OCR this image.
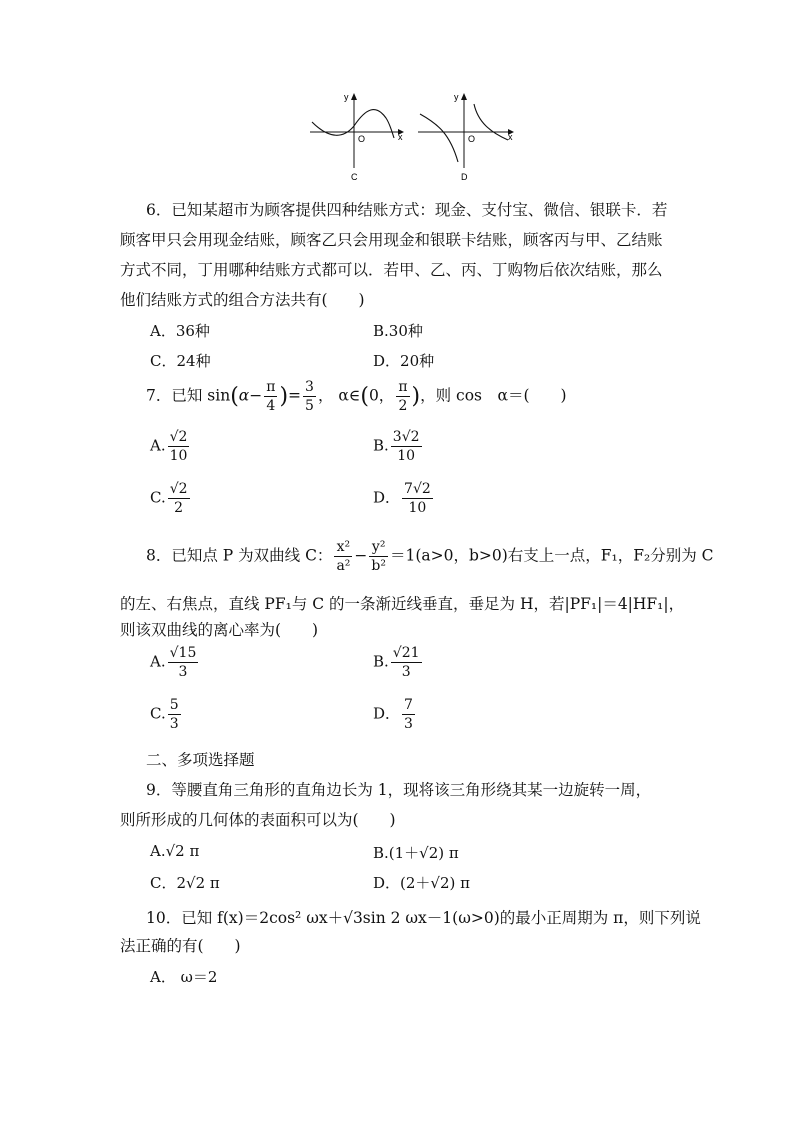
y
O	x
C
y
O	x
D
6．已知某超市为顾客提供四种结账方式：现金、支付宝、微信、银联卡．若
顾客甲只会用现金结账，顾客乙只会用现金和银联卡结账，顾客丙与甲、乙结账
方式不同，丁用哪种结账方式都可以．若甲、乙、丙、丁购物后依次结账，那么
他们结账方式的组合方法共有(　　)
A．36种	B.30种
C．24种	D．20种
7．已知 $\sin(\alpha- \frac{\pi}{4}$ )= $\frac{3}{5}$ ， α∈(0， $\frac{\pi}{2}$ )，则 cos　α＝(　　)
A. $\frac{√2}{10}$	B. $\frac{3√2}{10}$
C. $\frac{√2}{2}$	D． $\frac{7√2}{10}$
8．已知点 P 为双曲线 C： $\frac{\text{x²}}{\text{a²}} - \frac{\text{y²}}{\text{b²}} =1(a>0$，b>0)右支上一点，F₁，F₂分别为 C
的左、右焦点，直线 PF₁与 C 的一条渐近线垂直，垂足为 H，若|PF₁|＝4|HF₁|，
则该双曲线的离心率为(　　)
A. $\frac{√15}{3}$	B. $\frac{√21}{3}$
C. $\frac{5}{3}$	D． $\frac{7}{3}$
二、多项选择题
9．等腰直角三角形的直角边长为 1，现将该三角形绕其某一边旋转一周，
则所形成的几何体的表面积可以为(　　)
A.√2 π	B.(1＋√2) π
C．2√2 π	D．(2＋√2) π
10．已知 f(x)＝2cos² ωx＋√3sin 2 ωx－1(ω>0)的最小正周期为 π，则下列说
法正确的有(　　)
A． ω＝2
